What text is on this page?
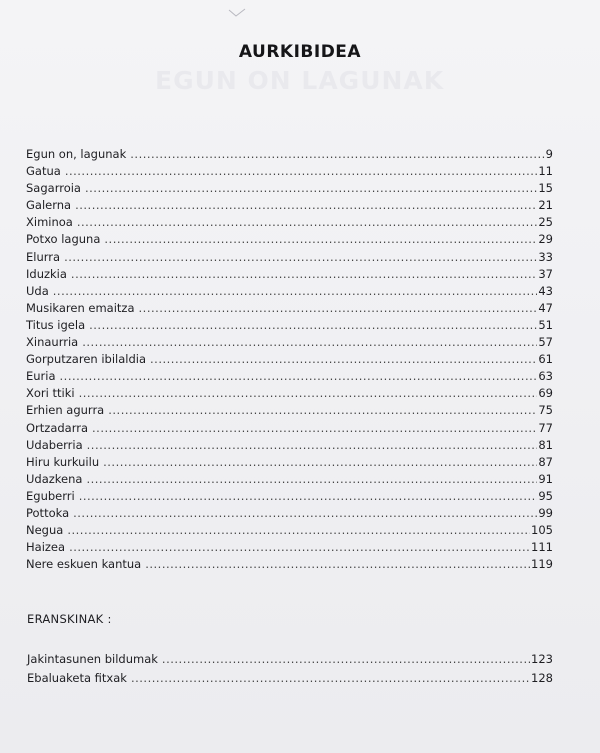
EGUN ON LAGUNAK
AURKIBIDEA
Egun on, lagunak .....	9
Gatua .....	11
Sagarroia .....	15
Galerna .....	21
Ximinoa .....	25
Potxo laguna .....	29
Elurra .....	33
Iduzkia .....	37
Uda .....	43
Musikaren emaitza .....	47
Titus igela .....	51
Xinaurria .....	57
Gorputzaren ibilaldia .....	61
Euria .....	63
Xori ttiki .....	69
Erhien agurra .....	75
Ortzadarra .....	77
Udaberria .....	81
Hiru kurkuilu .....	87
Udazkena .....	91
Eguberri .....	95
Pottoka .....	99
Negua .....	105
Haizea .....	111
Nere eskuen kantua .....	119
ERANSKINAK :
Jakintasunen bildumak .....	123
Ebaluaketa fitxak .....	128
